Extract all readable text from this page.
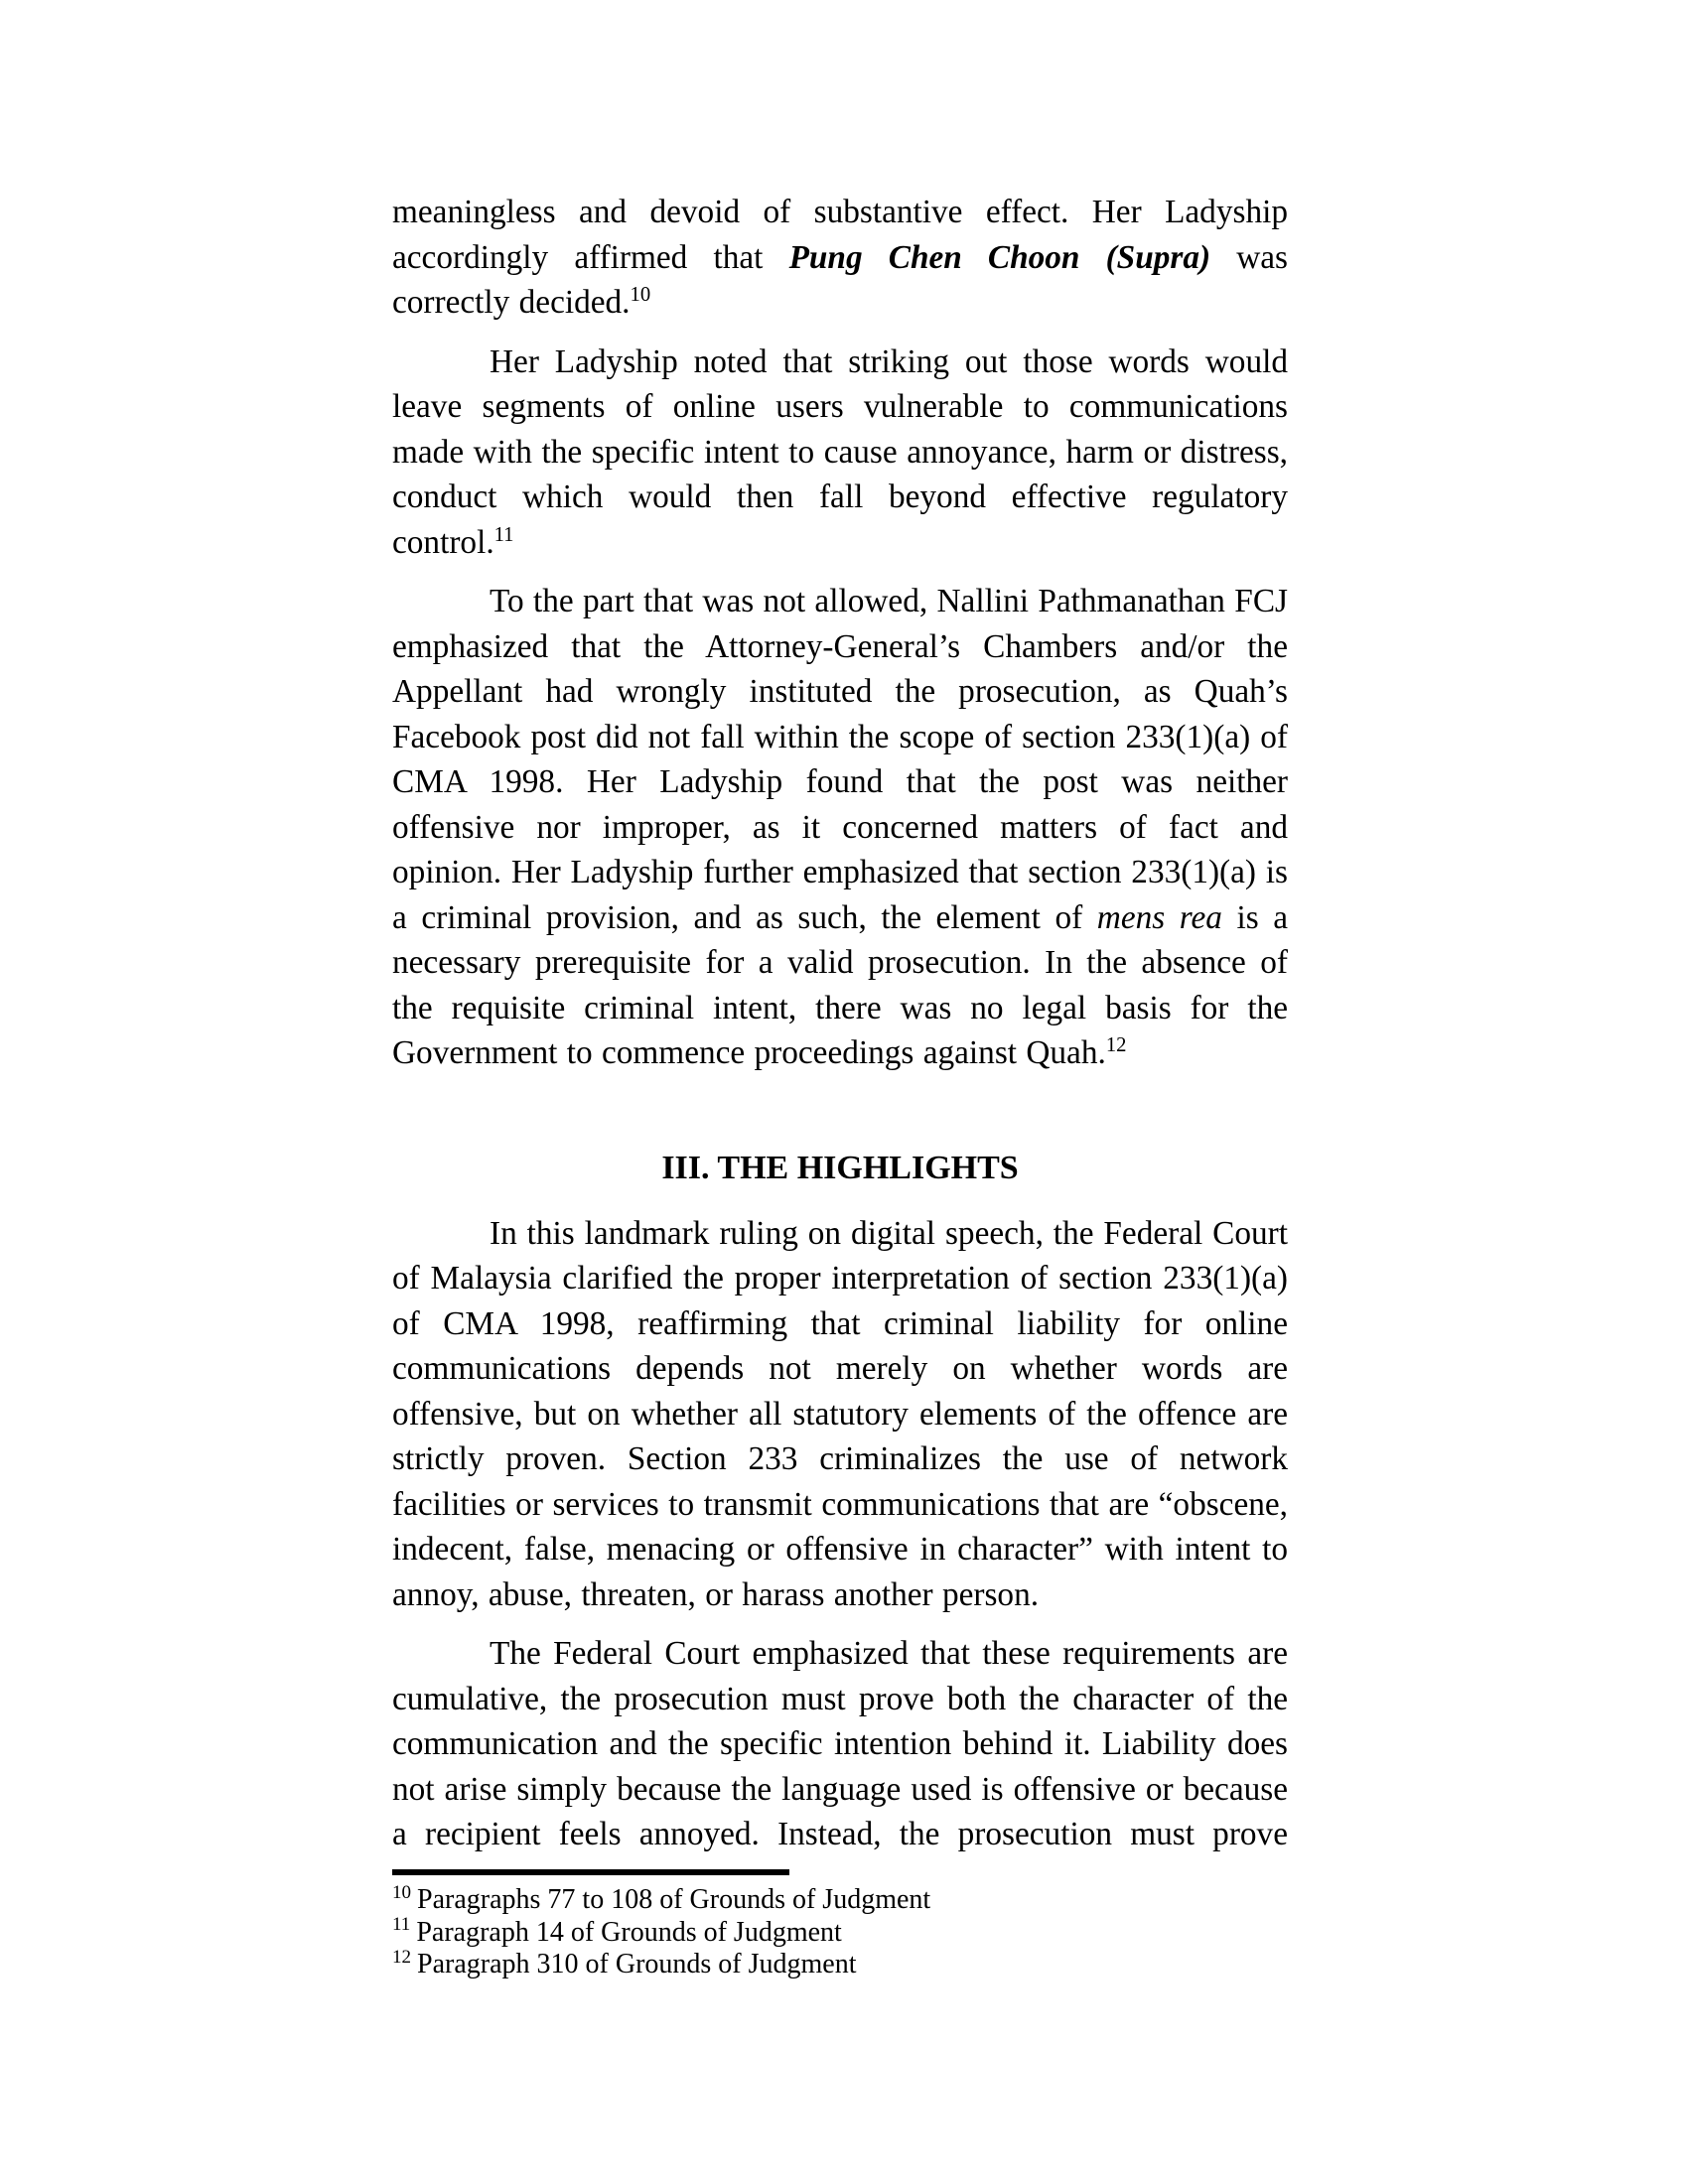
meaningless and devoid of substantive effect. Her Ladyship accordingly affirmed that Pung Chen Choon (Supra) was correctly decided.$^{10}$

Her Ladyship noted that striking out those words would leave segments of online users vulnerable to communications made with the specific intent to cause annoyance, harm or distress, conduct which would then fall beyond effective regulatory control.$^{11}$

To the part that was not allowed, Nallini Pathmanathan FCJ emphasized that the Attorney-General’s Chambers and/or the Appellant had wrongly instituted the prosecution, as Quah’s Facebook post did not fall within the scope of section 233(1)(a) of CMA 1998. Her Ladyship found that the post was neither offensive nor improper, as it concerned matters of fact and opinion. Her Ladyship further emphasized that section 233(1)(a) is a criminal provision, and as such, the element of mens rea is a necessary prerequisite for a valid prosecution. In the absence of the requisite criminal intent, there was no legal basis for the Government to commence proceedings against Quah.$^{12}$

III. THE HIGHLIGHTS

In this landmark ruling on digital speech, the Federal Court of Malaysia clarified the proper interpretation of section 233(1)(a) of CMA 1998, reaffirming that criminal liability for online communications depends not merely on whether words are offensive, but on whether all statutory elements of the offence are strictly proven. Section 233 criminalizes the use of network facilities or services to transmit communications that are “obscene, indecent, false, menacing or offensive in character” with intent to annoy, abuse, threaten, or harass another person.

The Federal Court emphasized that these requirements are cumulative, the prosecution must prove both the character of the communication and the specific intention behind it. Liability does not arise simply because the language used is offensive or because a recipient feels annoyed. Instead, the prosecution must prove

$^{10}$ Paragraphs 77 to 108 of Grounds of Judgment
$^{11}$ Paragraph 14 of Grounds of Judgment
$^{12}$ Paragraph 310 of Grounds of Judgment
